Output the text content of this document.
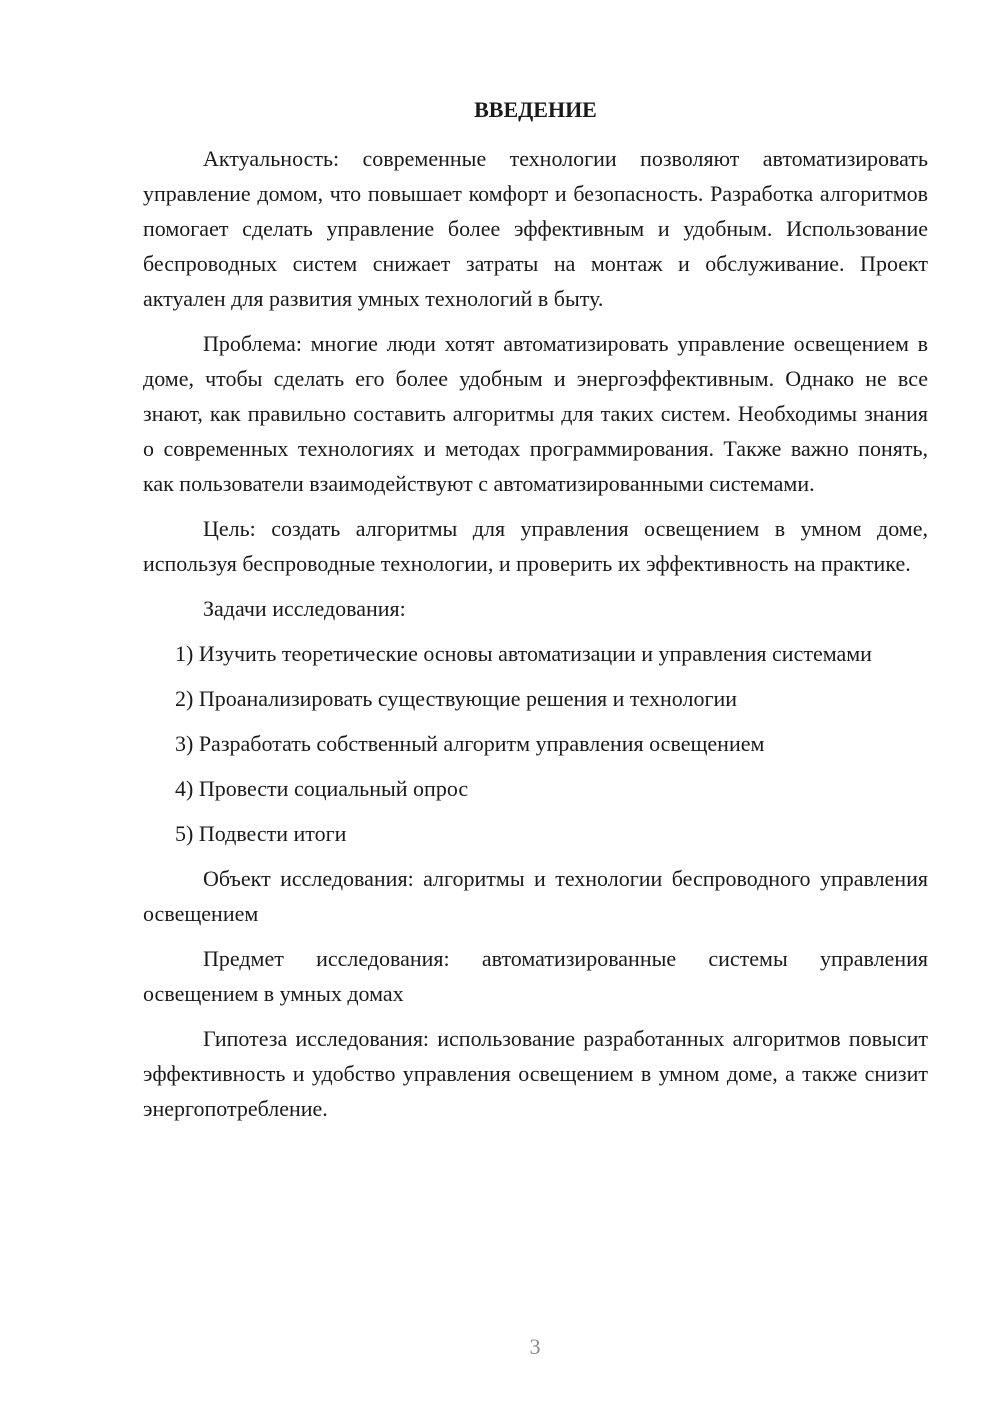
ВВЕДЕНИЕ

Актуальность: современные технологии позволяют автоматизировать управление домом, что повышает комфорт и безопасность. Разработка алгоритмов помогает сделать управление более эффективным и удобным. Использование беспроводных систем снижает затраты на монтаж и обслуживание. Проект актуален для развития умных технологий в быту.

Проблема: многие люди хотят автоматизировать управление освещением в доме, чтобы сделать его более удобным и энергоэффективным. Однако не все знают, как правильно составить алгоритмы для таких систем. Необходимы знания о современных технологиях и методах программирования. Также важно понять, как пользователи взаимодействуют с автоматизированными системами.

Цель: создать алгоритмы для управления освещением в умном доме, используя беспроводные технологии, и проверить их эффективность на практике.

Задачи исследования:

1) Изучить теоретические основы автоматизации и управления системами

2) Проанализировать существующие решения и технологии

3) Разработать собственный алгоритм управления освещением

4) Провести социальный опрос

5) Подвести итоги

Объект исследования: алгоритмы и технологии беспроводного управления освещением

Предмет исследования: автоматизированные системы управления освещением в умных домах

Гипотеза исследования: использование разработанных алгоритмов повысит эффективность и удобство управления освещением в умном доме, а также снизит энергопотребление.

3
